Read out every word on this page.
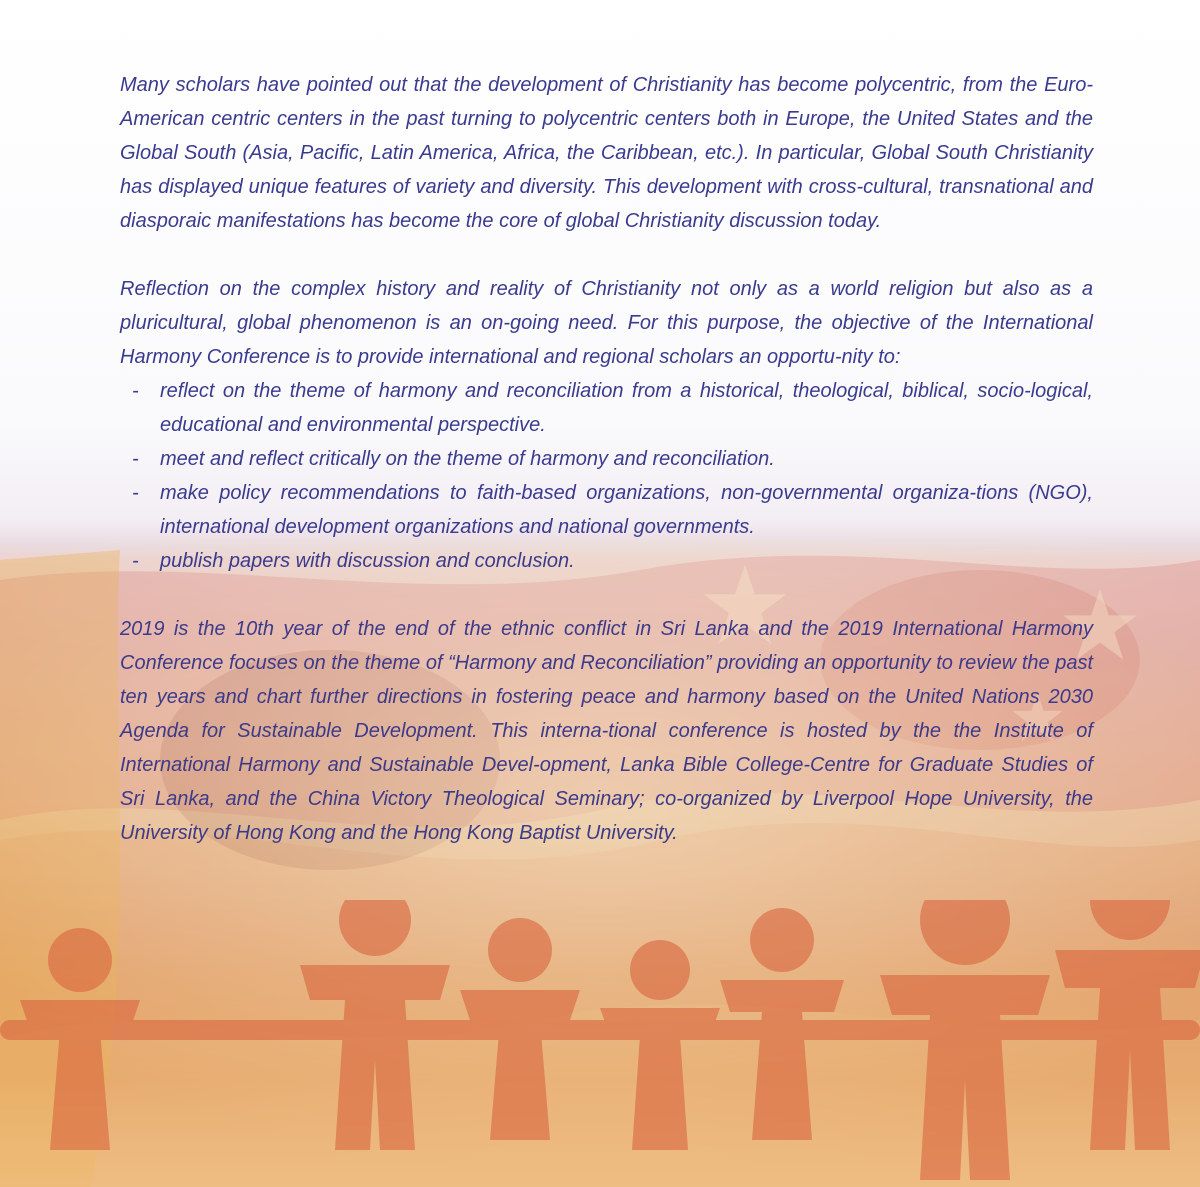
Many scholars have pointed out that the development of Christianity has become polycentric, from the Euro-American centric centers in the past turning to polycentric centers both in Europe, the United States and the Global South (Asia, Pacific, Latin America, Africa, the Caribbean, etc.). In particular, Global South Christianity has displayed unique features of variety and diversity. This development with cross-cultural, transnational and diasporaic manifestations has become the core of global Christianity discussion today.

Reflection on the complex history and reality of Christianity not only as a world religion but also as a pluricultural, global phenomenon is an on-going need. For this purpose, the objective of the International Harmony Conference is to provide international and regional scholars an opportu-nity to:

- reflect on the theme of harmony and reconciliation from a historical, theological, biblical, socio-logical, educational and environmental perspective.
- meet and reflect critically on the theme of harmony and reconciliation.
- make policy recommendations to faith-based organizations, non-governmental organiza-tions (NGO), international development organizations and national governments.
- publish papers with discussion and conclusion.

2019 is the 10th year of the end of the ethnic conflict in Sri Lanka and the 2019 International Harmony Conference focuses on the theme of “Harmony and Reconciliation” providing an opportunity to review the past ten years and chart further directions in fostering peace and harmony based on the United Nations 2030 Agenda for Sustainable Development. This interna-tional conference is hosted by the the Institute of International Harmony and Sustainable Devel-opment, Lanka Bible College-Centre for Graduate Studies of Sri Lanka, and the China Victory Theological Seminary; co-organized by Liverpool Hope University, the University of Hong Kong and the Hong Kong Baptist University.
